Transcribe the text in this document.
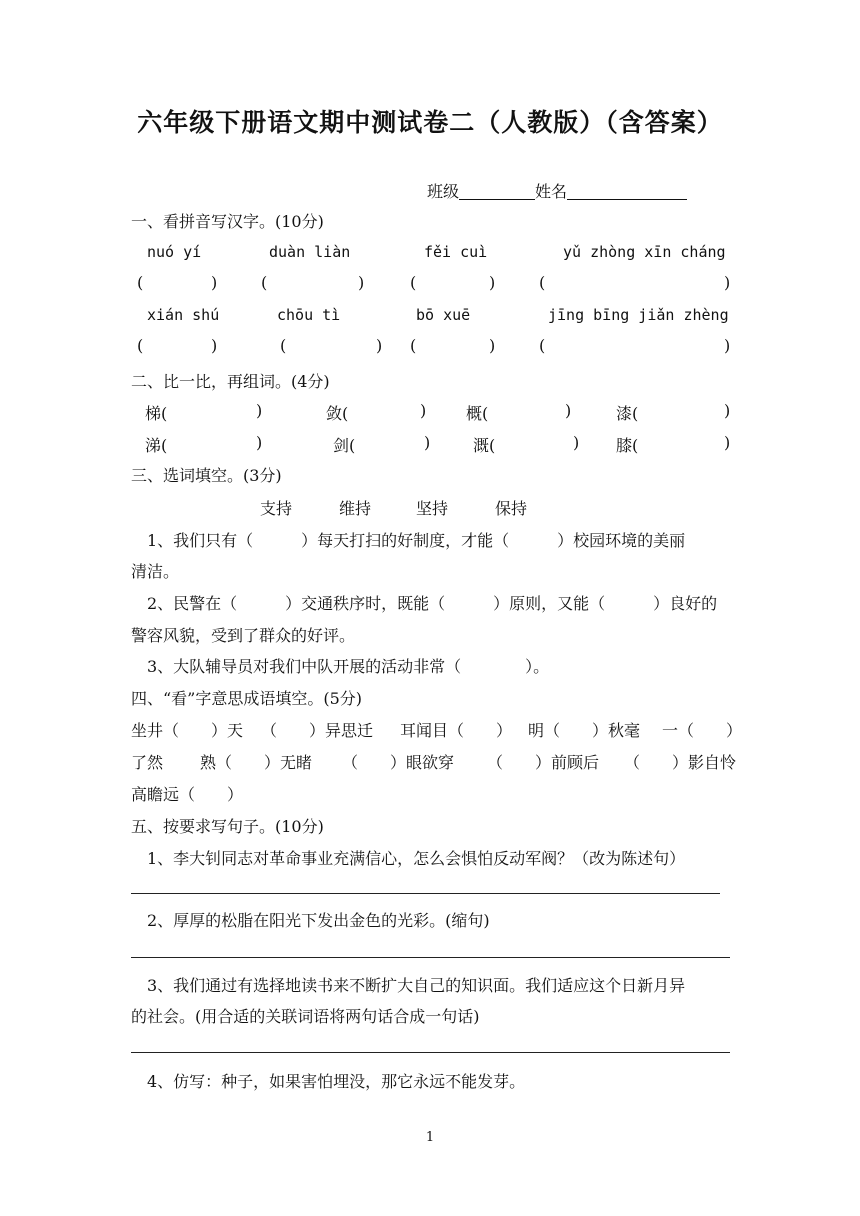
六年级下册语文期中测试卷二（人教版）（含答案）
班级	姓名
一、看拼音写汉字。(10分)
nuó yí	duàn liàn	fěi cuì	yǔ zhòng xīn cháng
(	)	(	)	(	)	(	)
xián shú	chōu tì	bō xuē	jīng bīng jiǎn zhèng
(	)	(	) (	)	(	)
二、比一比，再组词。(4分)
梯(	)	敛(	) 概(	)	漆(	)
涕(	)	剑(	)	溉(	) 膝(	)
三、选词填空。(3分)
支持	维持	坚持	保持
1、我们只有（　　　）每天打扫的好制度，才能（　　　）校园环境的美丽
清洁。
2、民警在（　　　）交通秩序时，既能（　　　）原则，又能（　　　）良好的
警容风貌，受到了群众的好评。
3、大队辅导员对我们中队开展的活动非常（　　　　）。
四、“看”字意思成语填空。(5分)
坐井（　　）天 （　　）异思迁 耳闻目（　　） 明（　　）秋毫 一（　　）
了然 熟（　　）无睹 （　　）眼欲穿 （　　）前顾后 （　　）影自怜
高瞻远（　　）
五、按要求写句子。(10分)
1、李大钊同志对革命事业充满信心，怎么会惧怕反动军阀？（改为陈述句）
2、厚厚的松脂在阳光下发出金色的光彩。(缩句)
3、我们通过有选择地读书来不断扩大自己的知识面。我们适应这个日新月异
的社会。(用合适的关联词语将两句话合成一句话)
4、仿写：种子，如果害怕埋没，那它永远不能发芽。
1
